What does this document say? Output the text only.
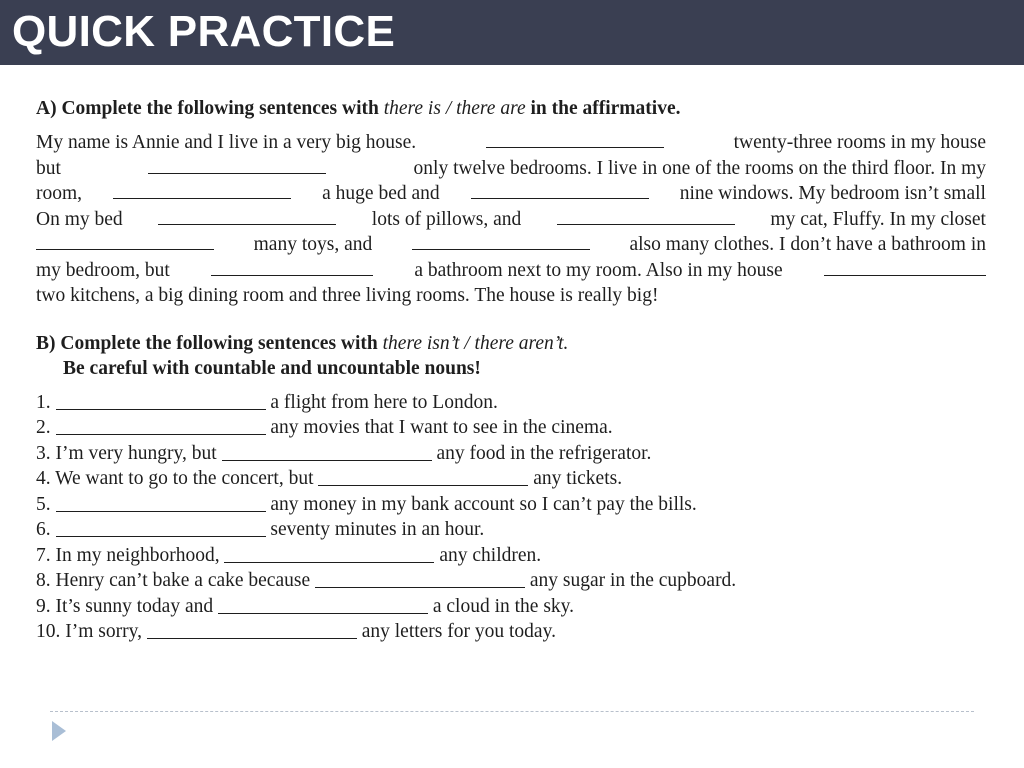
QUICK PRACTICE
A) Complete the following sentences with there is / there are in the affirmative.
My name is Annie and I live in a very big house.	twenty-three rooms in my house
but	only twelve bedrooms. I live in one of the rooms on the third floor. In my
room,	a huge bed and	nine windows. My bedroom isn’t small
On my bed	lots of pillows, and	my cat, Fluffy. In my closet
many toys, and	also many clothes. I don’t have a bathroom in
my bedroom, but	a bathroom next to my room. Also in my house
two kitchens, a big dining room and three living rooms. The house is really big!
B) Complete the following sentences with there isn’t / there aren’t.
Be careful with countable and uncountable nouns!
1.	a flight from here to London.
2.	any movies that I want to see in the cinema.
3. I’m very hungry, but	any food in the refrigerator.
4. We want to go to the concert, but	any tickets.
5.	any money in my bank account so I can’t pay the bills.
6.	seventy minutes in an hour.
7. In my neighborhood,	any children.
8. Henry can’t bake a cake because	any sugar in the cupboard.
9. It’s sunny today and	a cloud in the sky.
10. I’m sorry,	any letters for you today.
